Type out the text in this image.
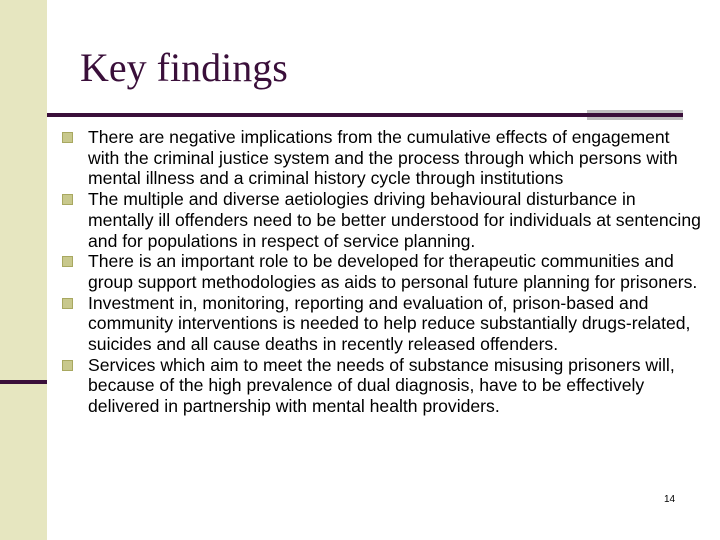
Key findings
There are negative implications from the cumulative effects of engagement with the criminal justice system and the process through which persons with mental illness and a criminal history cycle through institutions
The multiple and diverse aetiologies driving behavioural disturbance in mentally ill offenders need to be better understood for individuals at sentencing and for populations in respect of service planning.
There is an important role to be developed for therapeutic communities and group support methodologies as aids to personal future planning for prisoners.
Investment in, monitoring, reporting and evaluation of, prison-based and community interventions is needed to help reduce substantially drugs-related, suicides and all cause deaths in recently released offenders.
Services which aim to meet the needs of substance misusing prisoners will, because of the high prevalence of dual diagnosis, have to be effectively delivered in partnership with mental health providers.
14
